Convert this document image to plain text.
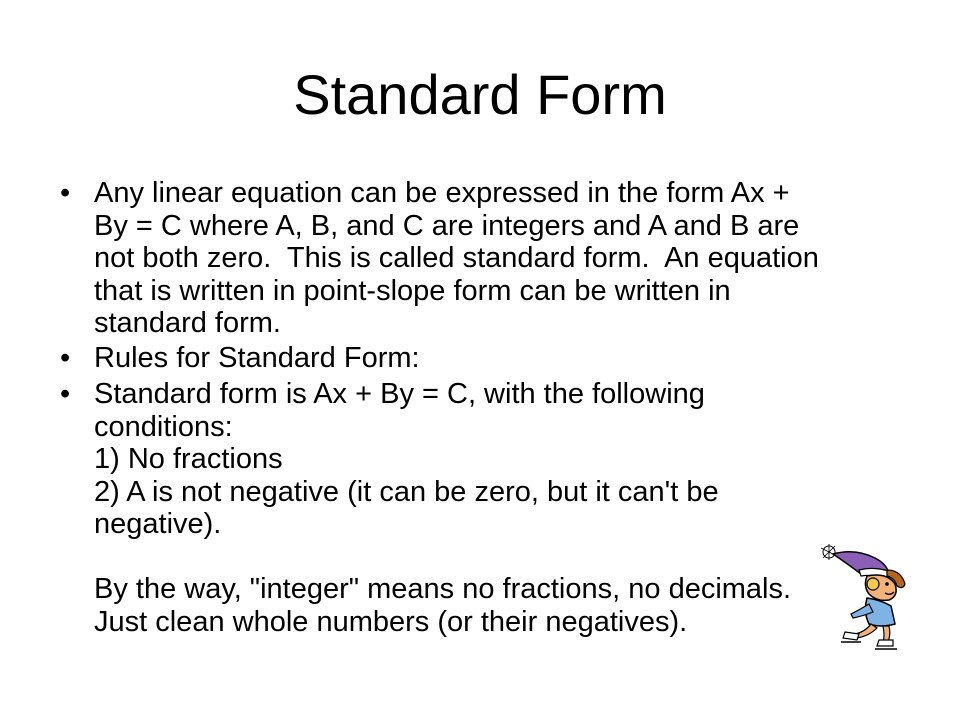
Standard Form
• Any linear equation can be expressed in the form Ax +
By = C where A, B, and C are integers and A and B are
not both zero.  This is called standard form.  An equation
that is written in point-slope form can be written in
standard form.
• Rules for Standard Form:
• Standard form is Ax + By = C, with the following
conditions:
1) No fractions
2) A is not negative (it can be zero, but it can't be
negative).
By the way, "integer" means no fractions, no decimals.
Just clean whole numbers (or their negatives).
